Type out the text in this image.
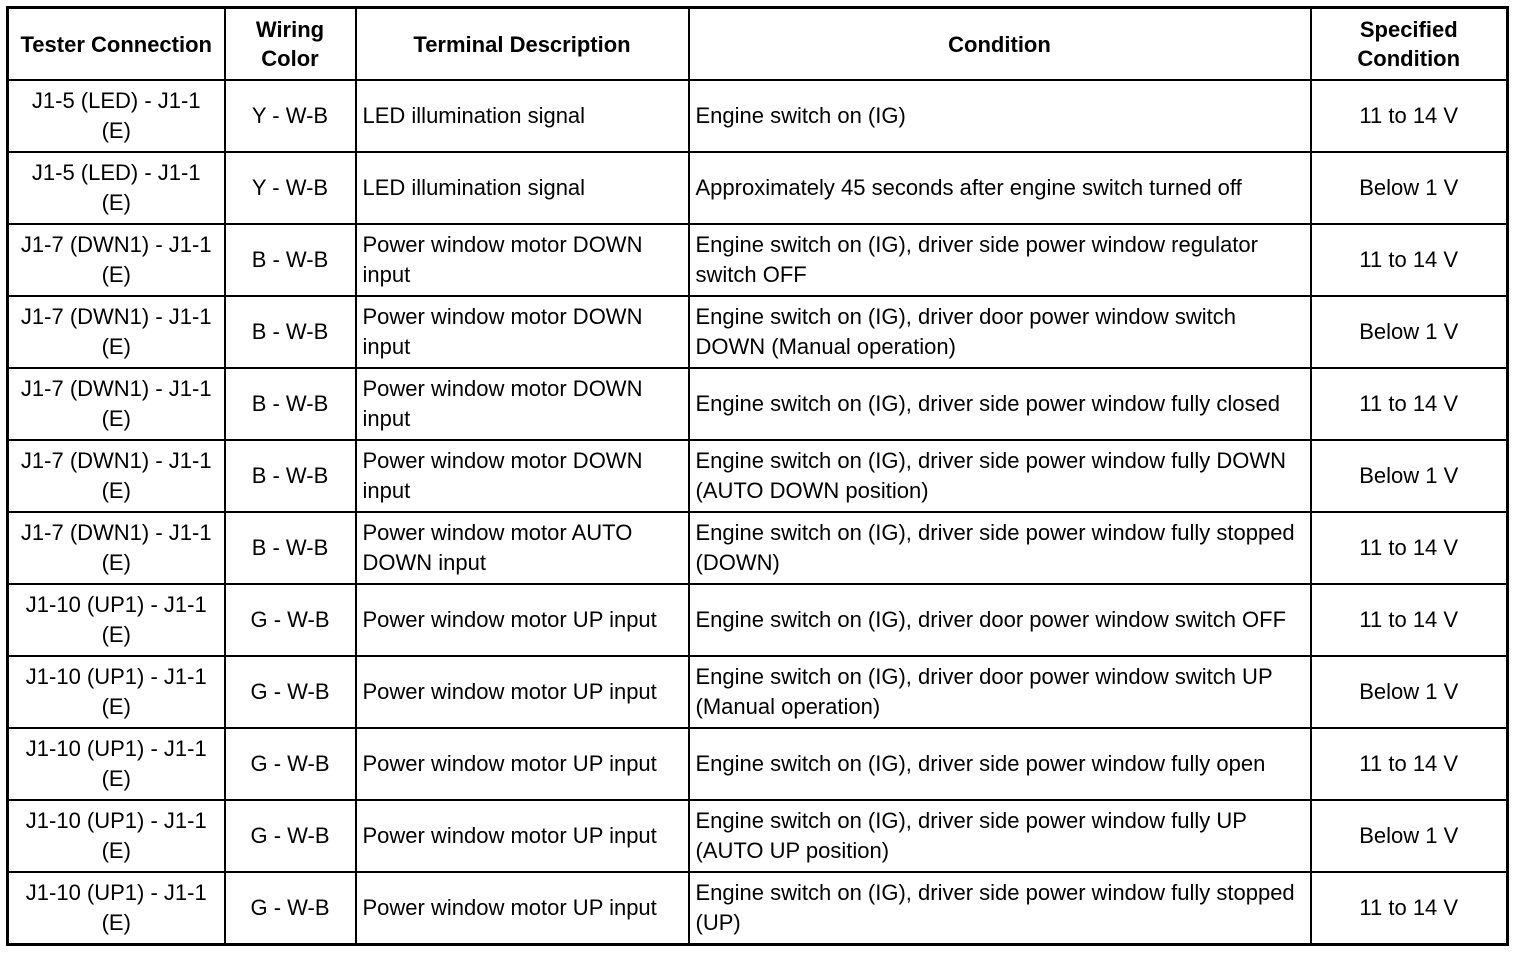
Tester Connection	Wiring Color	Terminal Description	Condition	Specified Condition
J1-5 (LED) - J1-1 (E)	Y - W-B	LED illumination signal	Engine switch on (IG)	11 to 14 V
J1-5 (LED) - J1-1 (E)	Y - W-B	LED illumination signal	Approximately 45 seconds after engine switch turned off	Below 1 V
J1-7 (DWN1) - J1-1 (E)	B - W-B	Power window motor DOWN input	Engine switch on (IG), driver side power window regulator switch OFF	11 to 14 V
J1-7 (DWN1) - J1-1 (E)	B - W-B	Power window motor DOWN input	Engine switch on (IG), driver door power window switch DOWN (Manual operation)	Below 1 V
J1-7 (DWN1) - J1-1 (E)	B - W-B	Power window motor DOWN input	Engine switch on (IG), driver side power window fully closed	11 to 14 V
J1-7 (DWN1) - J1-1 (E)	B - W-B	Power window motor DOWN input	Engine switch on (IG), driver side power window fully DOWN (AUTO DOWN position)	Below 1 V
J1-7 (DWN1) - J1-1 (E)	B - W-B	Power window motor AUTO DOWN input	Engine switch on (IG), driver side power window fully stopped (DOWN)	11 to 14 V
J1-10 (UP1) - J1-1 (E)	G - W-B	Power window motor UP input	Engine switch on (IG), driver door power window switch OFF	11 to 14 V
J1-10 (UP1) - J1-1 (E)	G - W-B	Power window motor UP input	Engine switch on (IG), driver door power window switch UP (Manual operation)	Below 1 V
J1-10 (UP1) - J1-1 (E)	G - W-B	Power window motor UP input	Engine switch on (IG), driver side power window fully open	11 to 14 V
J1-10 (UP1) - J1-1 (E)	G - W-B	Power window motor UP input	Engine switch on (IG), driver side power window fully UP (AUTO UP position)	Below 1 V
J1-10 (UP1) - J1-1 (E)	G - W-B	Power window motor UP input	Engine switch on (IG), driver side power window fully stopped (UP)	11 to 14 V
